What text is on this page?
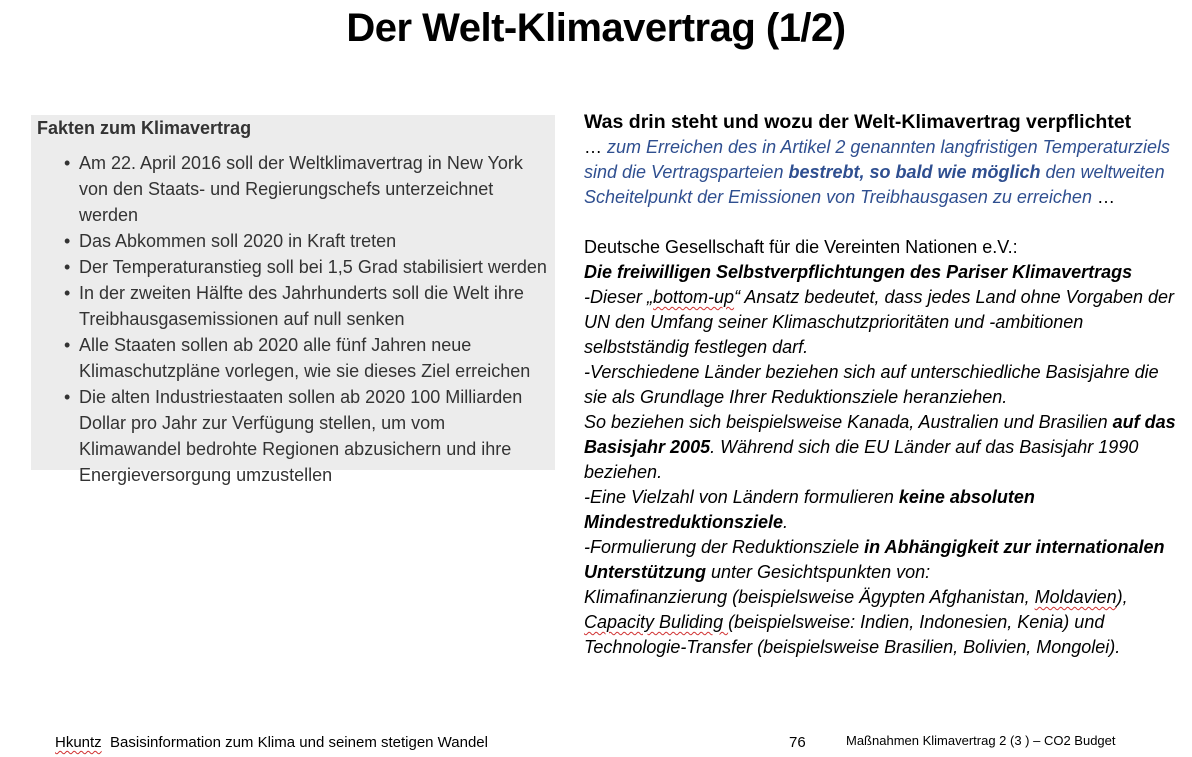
Der Welt-Klimavertrag (1/2)
Fakten zum Klimavertrag
• Am 22. April 2016 soll der Weltklimavertrag in New York von den Staats- und Regierungschefs unterzeichnet werden
• Das Abkommen soll 2020 in Kraft treten
• Der Temperaturanstieg soll bei 1,5 Grad stabilisiert werden
• In der zweiten Hälfte des Jahrhunderts soll die Welt ihre Treibhausgasemissionen auf null senken
• Alle Staaten sollen ab 2020 alle fünf Jahren neue Klimaschutzpläne vorlegen, wie sie dieses Ziel erreichen
• Die alten Industriestaaten sollen ab 2020 100 Milliarden Dollar pro Jahr zur Verfügung stellen, um vom Klimawandel bedrohte Regionen abzusichern und ihre Energieversorgung umzustellen

Was drin steht und wozu der Welt-Klimavertrag verpflichtet

… zum Erreichen des in Artikel 2 genannten langfristigen Temperaturziels sind die Vertragsparteien bestrebt, so bald wie möglich den weltweiten Scheitelpunkt der Emissionen von Treibhausgasen zu erreichen …

Deutsche Gesellschaft für die Vereinten Nationen e.V.:

Die freiwilligen Selbstverpflichtungen des Pariser Klimavertrags

-Dieser „bottom-up“ Ansatz bedeutet, dass jedes Land ohne Vorgaben der UN den Umfang seiner Klimaschutzprioritäten und -ambitionen selbstständig festlegen darf.

-Verschiedene Länder beziehen sich auf unterschiedliche Basisjahre die sie als Grundlage Ihrer Reduktionsziele heranziehen.

So beziehen sich beispielsweise Kanada, Australien und Brasilien auf das Basisjahr 2005. Während sich die EU Länder auf das Basisjahr 1990 beziehen.

-Eine Vielzahl von Ländern formulieren keine absoluten Mindestreduktionsziele.

-Formulierung der Reduktionsziele in Abhängigkeit zur internationalen Unterstützung unter Gesichtspunkten von:

Klimafinanzierung (beispielsweise Ägypten Afghanistan, Moldavien),

Capacity Buliding (beispielsweise: Indien, Indonesien, Kenia) und

Technologie-Transfer (beispielsweise Brasilien, Bolivien, Mongolei).

Hkuntz Basisinformation zum Klima und seinem stetigen Wandel	76	Maßnahmen Klimavertrag 2 (3 ) – CO2 Budget
